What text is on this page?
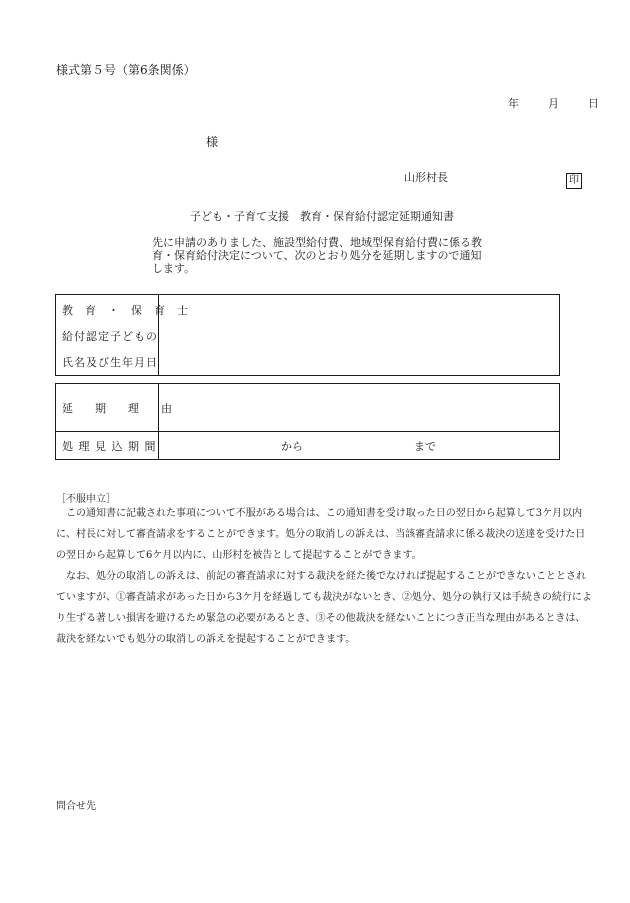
様式第５号（第6条関係）
年	月	日
様
山形村長	印
子ども・子育て支援　教育・保育給付認定延期通知書
先に申請のありました、施設型給付費、地域型保育給付費に係る教
育・保育給付決定について、次のとおり処分を延期しますので通知
します。
教　育　・　保　育　士
給付認定子どもの
氏名及び生年月日
延　　期　　理　　由
処 理 見 込 期 間	から	まで
［不服申立］

この通知書に記載された事項について不服がある場合は、この通知書を受け取った日の翌日から起算して3ケ月以内に、村長に対して審査請求をすることができます。処分の取消しの訴えは、当該審査請求に係る裁決の送達を受けた日の翌日から起算して6ケ月以内に、山形村を被告として提起することができます。

なお、処分の取消しの訴えは、前記の審査請求に対する裁決を経た後でなければ提起することができないこととされていますが、①審査請求があった日から3ケ月を経過しても裁決がないとき、②処分、処分の執行又は手続きの続行により生ずる著しい損害を避けるため緊急の必要があるとき、③その他裁決を経ないことにつき正当な理由があるときは、裁決を経ないでも処分の取消しの訴えを提起することができます。

問合せ先
